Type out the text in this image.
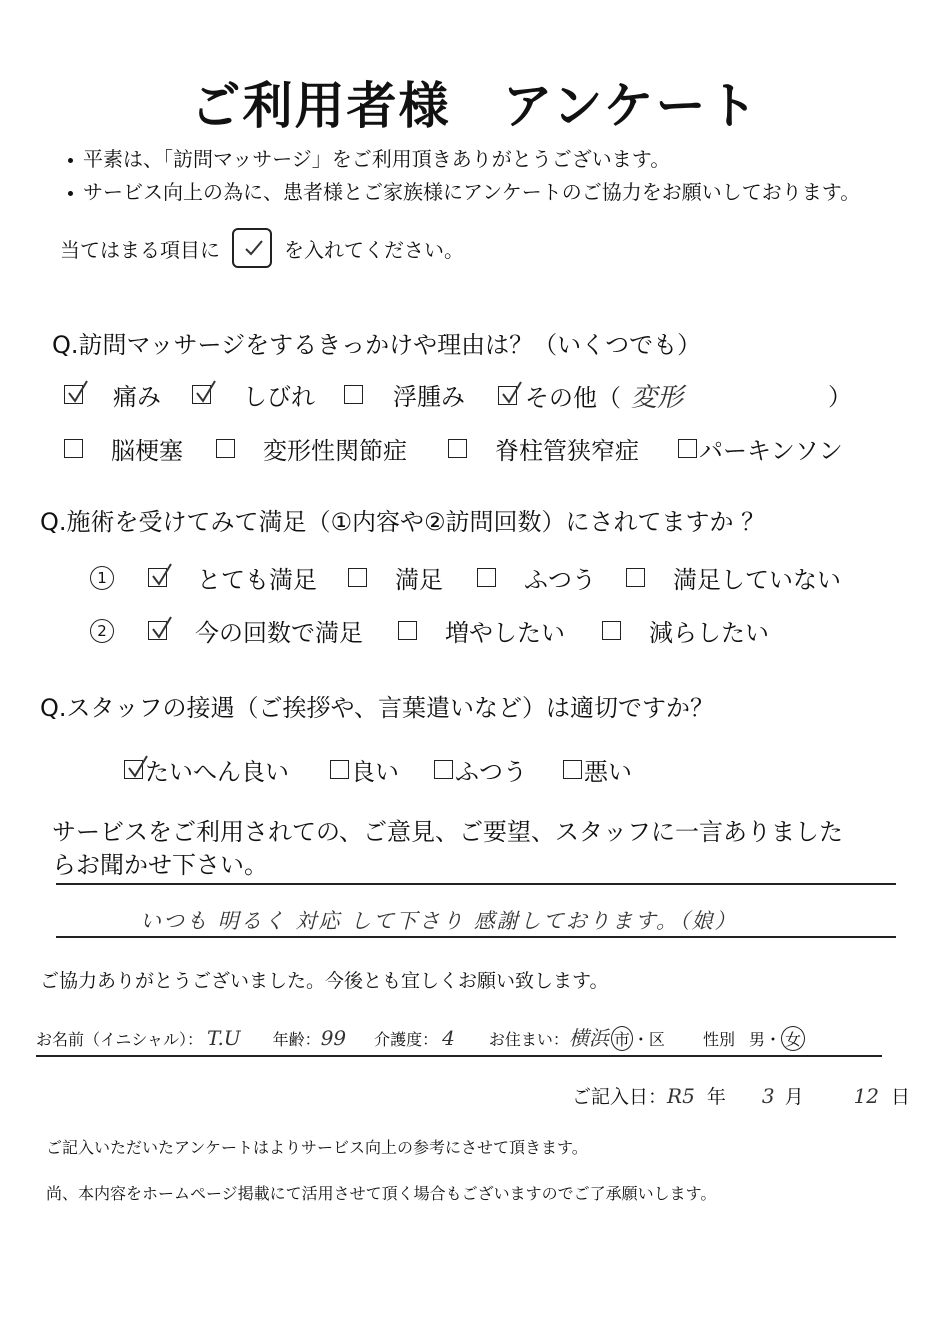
ご利用者様　アンケート
平素は、「訪問マッサージ」をご利用頂きありがとうございます。
サービス向上の為に、患者様とご家族様にアンケートのご協力をお願いしております。
当てはまる項目に	を入れてください。
Q.訪問マッサージをするきっかけや理由は？（いくつでも）
痛み	しびれ	浮腫み	その他（ 変形	）
脳梗塞	変形性関節症	脊柱管狭窄症	パーキンソン
Q.施術を受けてみて満足（①内容や②訪問回数）にされてますか ？
1	とても満足	満足	ふつう	満足していない
2	今の回数で満足	増やしたい	減らしたい
Q.スタッフの接遇（ご挨拶や、言葉遣いなど）は適切ですか？
たいへん良い	良い ふつう 悪い
サービスをご利用されての、ご意見、ご要望、スタッフに一言ありました
らお聞かせ下さい。
いつも 明るく 対応 して下さり 感謝しております。（娘）
ご協力ありがとうございました。今後とも宜しくお願い致します。
お名前（イニシャル）： T.U 年齢： 99 介護度： 4 お住まい： 横浜 市 ・区 性別 男・ 女
ご記入日： R5 年 3 月	12 日
ご記入いただいたアンケートはよりサービス向上の参考にさせて頂きます。
尚、本内容をホームページ掲載にて活用させて頂く場合もございますのでご了承願いします。
